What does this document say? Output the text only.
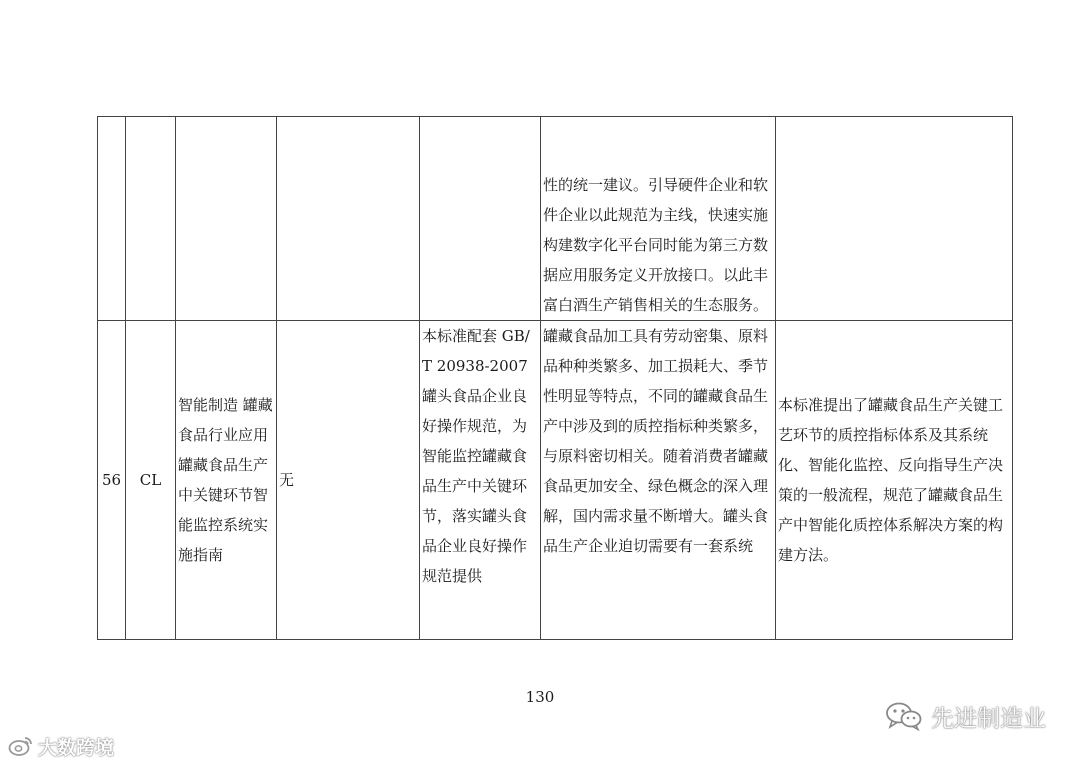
					性的统一建议。引导硬件企业和软件企业以此规范为主线，快速实施构建数字化平台同时能为第三方数据应用服务定义开放接口。以此丰富白酒生产销售相关的生态服务。	

56	CL	智能制造 罐藏食品行业应用 罐藏食品生产中关键环节智能监控系统实施指南	无	本标准配套 GB/T 20938-2007 罐头食品企业良好操作规范，为智能监控罐藏食品生产中关键环节，落实罐头食品企业良好操作规范提供	罐藏食品加工具有劳动密集、原料品种种类繁多、加工损耗大、季节性明显等特点，不同的罐藏食品生产中涉及到的质控指标种类繁多，与原料密切相关。随着消费者罐藏食品更加安全、绿色概念的深入理解，国内需求量不断增大。罐头食品生产企业迫切需要有一套系统	本标准提出了罐藏食品生产关键工艺环节的质控指标体系及其系统化、智能化监控、反向指导生产决策的一般流程，规范了罐藏食品生产中智能化质控体系解决方案的构建方法。
130
大数跨境
先进制造业
